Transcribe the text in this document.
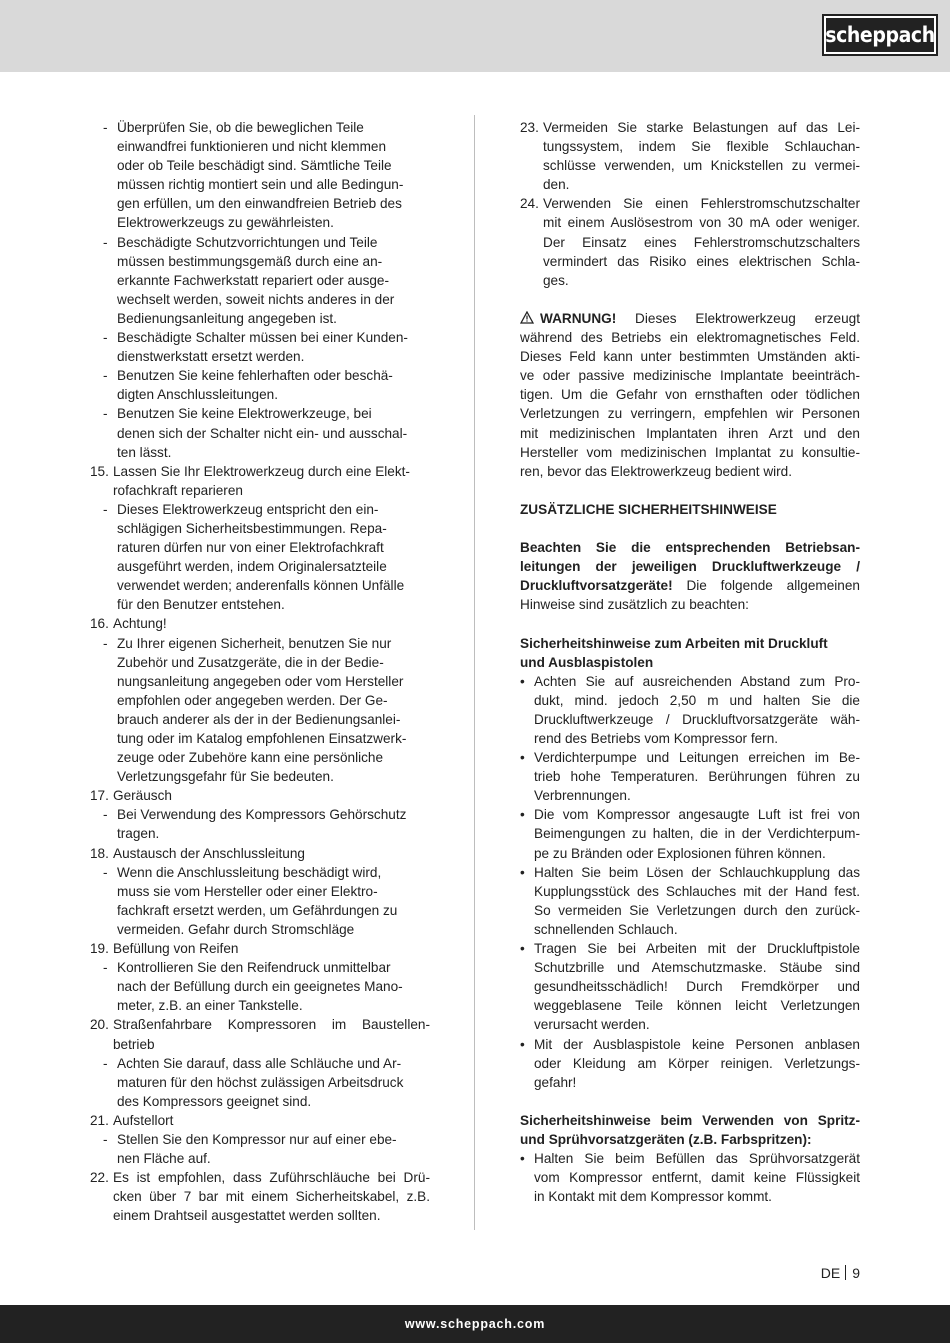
scheppach
- Überprüfen Sie, ob die beweglichen Teile
einwandfrei funktionieren und nicht klemmen
oder ob Teile beschädigt sind. Sämtliche Teile
müssen richtig montiert sein und alle Bedingun-
gen erfüllen, um den einwandfreien Betrieb des
Elektrowerkzeugs zu gewährleisten.
- Beschädigte Schutzvorrichtungen und Teile
müssen bestimmungsgemäß durch eine an-
erkannte Fachwerkstatt repariert oder ausge-
wechselt werden, soweit nichts anderes in der
Bedienungsanleitung angegeben ist.
- Beschädigte Schalter müssen bei einer Kunden-
dienstwerkstatt ersetzt werden.
- Benutzen Sie keine fehlerhaften oder beschä-
digten Anschlussleitungen.
- Benutzen Sie keine Elektrowerkzeuge, bei
denen sich der Schalter nicht ein- und ausschal-
ten lässt.
15. Lassen Sie Ihr Elektrowerkzeug durch eine Elekt-
rofachkraft reparieren
- Dieses Elektrowerkzeug entspricht den ein-
schlägigen Sicherheitsbestimmungen. Repa-
raturen dürfen nur von einer Elektrofachkraft
ausgeführt werden, indem Originalersatzteile
verwendet werden; anderenfalls können Unfälle
für den Benutzer entstehen.
16. Achtung!
- Zu Ihrer eigenen Sicherheit, benutzen Sie nur
Zubehör und Zusatzgeräte, die in der Bedie-
nungsanleitung angegeben oder vom Hersteller
empfohlen oder angegeben werden. Der Ge-
brauch anderer als der in der Bedienungsanlei-
tung oder im Katalog empfohlenen Einsatzwerk-
zeuge oder Zubehöre kann eine persönliche
Verletzungsgefahr für Sie bedeuten.
17. Geräusch
- Bei Verwendung des Kompressors Gehörschutz
tragen.
18. Austausch der Anschlussleitung
- Wenn die Anschlussleitung beschädigt wird,
muss sie vom Hersteller oder einer Elektro-
fachkraft ersetzt werden, um Gefährdungen zu
vermeiden. Gefahr durch Stromschläge
19. Befüllung von Reifen
- Kontrollieren Sie den Reifendruck unmittelbar
nach der Befüllung durch ein geeignetes Mano-
meter, z.B. an einer Tankstelle.
20. Straßenfahrbare Kompressoren im Baustellen-
betrieb
- Achten Sie darauf, dass alle Schläuche und Ar-
maturen für den höchst zulässigen Arbeitsdruck
des Kompressors geeignet sind.
21. Aufstellort
- Stellen Sie den Kompressor nur auf einer ebe-
nen Fläche auf.
22. Es ist empfohlen, dass Zuführschläuche bei Drü-
cken über 7 bar mit einem Sicherheitskabel, z.B.
einem Drahtseil ausgestattet werden sollten.
23. Vermeiden Sie starke Belastungen auf das Lei-
tungssystem, indem Sie flexible Schlauchan-
schlüsse verwenden, um Knickstellen zu vermei-
den.
24. Verwenden Sie einen Fehlerstromschutzschalter
mit einem Auslösestrom von 30 mA oder weniger.
Der Einsatz eines Fehlerstromschutzschalters
vermindert das Risiko eines elektrischen Schla-
ges.
WARNUNG! Dieses Elektrowerkzeug erzeugt
während des Betriebs ein elektromagnetisches Feld.
Dieses Feld kann unter bestimmten Umständen akti-
ve oder passive medizinische Implantate beeinträch-
tigen. Um die Gefahr von ernsthaften oder tödlichen
Verletzungen zu verringern, empfehlen wir Personen
mit medizinischen Implantaten ihren Arzt und den
Hersteller vom medizinischen Implantat zu konsultie-
ren, bevor das Elektrowerkzeug bedient wird.
ZUSÄTZLICHE SICHERHEITSHINWEISE
Beachten Sie die entsprechenden Betriebsan-
leitungen der jeweiligen Druckluftwerkzeuge /
Druckluftvorsatzgeräte! Die folgende allgemeinen
Hinweise sind zusätzlich zu beachten:
Sicherheitshinweise zum Arbeiten mit Druckluft
und Ausblaspistolen
• Achten Sie auf ausreichenden Abstand zum Pro-
dukt, mind. jedoch 2,50 m und halten Sie die
Druckluftwerkzeuge / Druckluftvorsatzgeräte wäh-
rend des Betriebs vom Kompressor fern.
• Verdichterpumpe und Leitungen erreichen im Be-
trieb hohe Temperaturen. Berührungen führen zu
Verbrennungen.
• Die vom Kompressor angesaugte Luft ist frei von
Beimengungen zu halten, die in der Verdichterpum-
pe zu Bränden oder Explosionen führen können.
• Halten Sie beim Lösen der Schlauchkupplung das
Kupplungsstück des Schlauches mit der Hand fest.
So vermeiden Sie Verletzungen durch den zurück-
schnellenden Schlauch.
• Tragen Sie bei Arbeiten mit der Druckluftpistole
Schutzbrille und Atemschutzmaske. Stäube sind
gesundheitsschädlich! Durch Fremdkörper und
weggeblasene Teile können leicht Verletzungen
verursacht werden.
• Mit der Ausblaspistole keine Personen anblasen
oder Kleidung am Körper reinigen. Verletzungs-
gefahr!
Sicherheitshinweise beim Verwenden von Spritz-
und Sprühvorsatzgeräten (z.B. Farbspritzen):
• Halten Sie beim Befüllen das Sprühvorsatzgerät
vom Kompressor entfernt, damit keine Flüssigkeit
in Kontakt mit dem Kompressor kommt.
DE 9
www.scheppach.com
